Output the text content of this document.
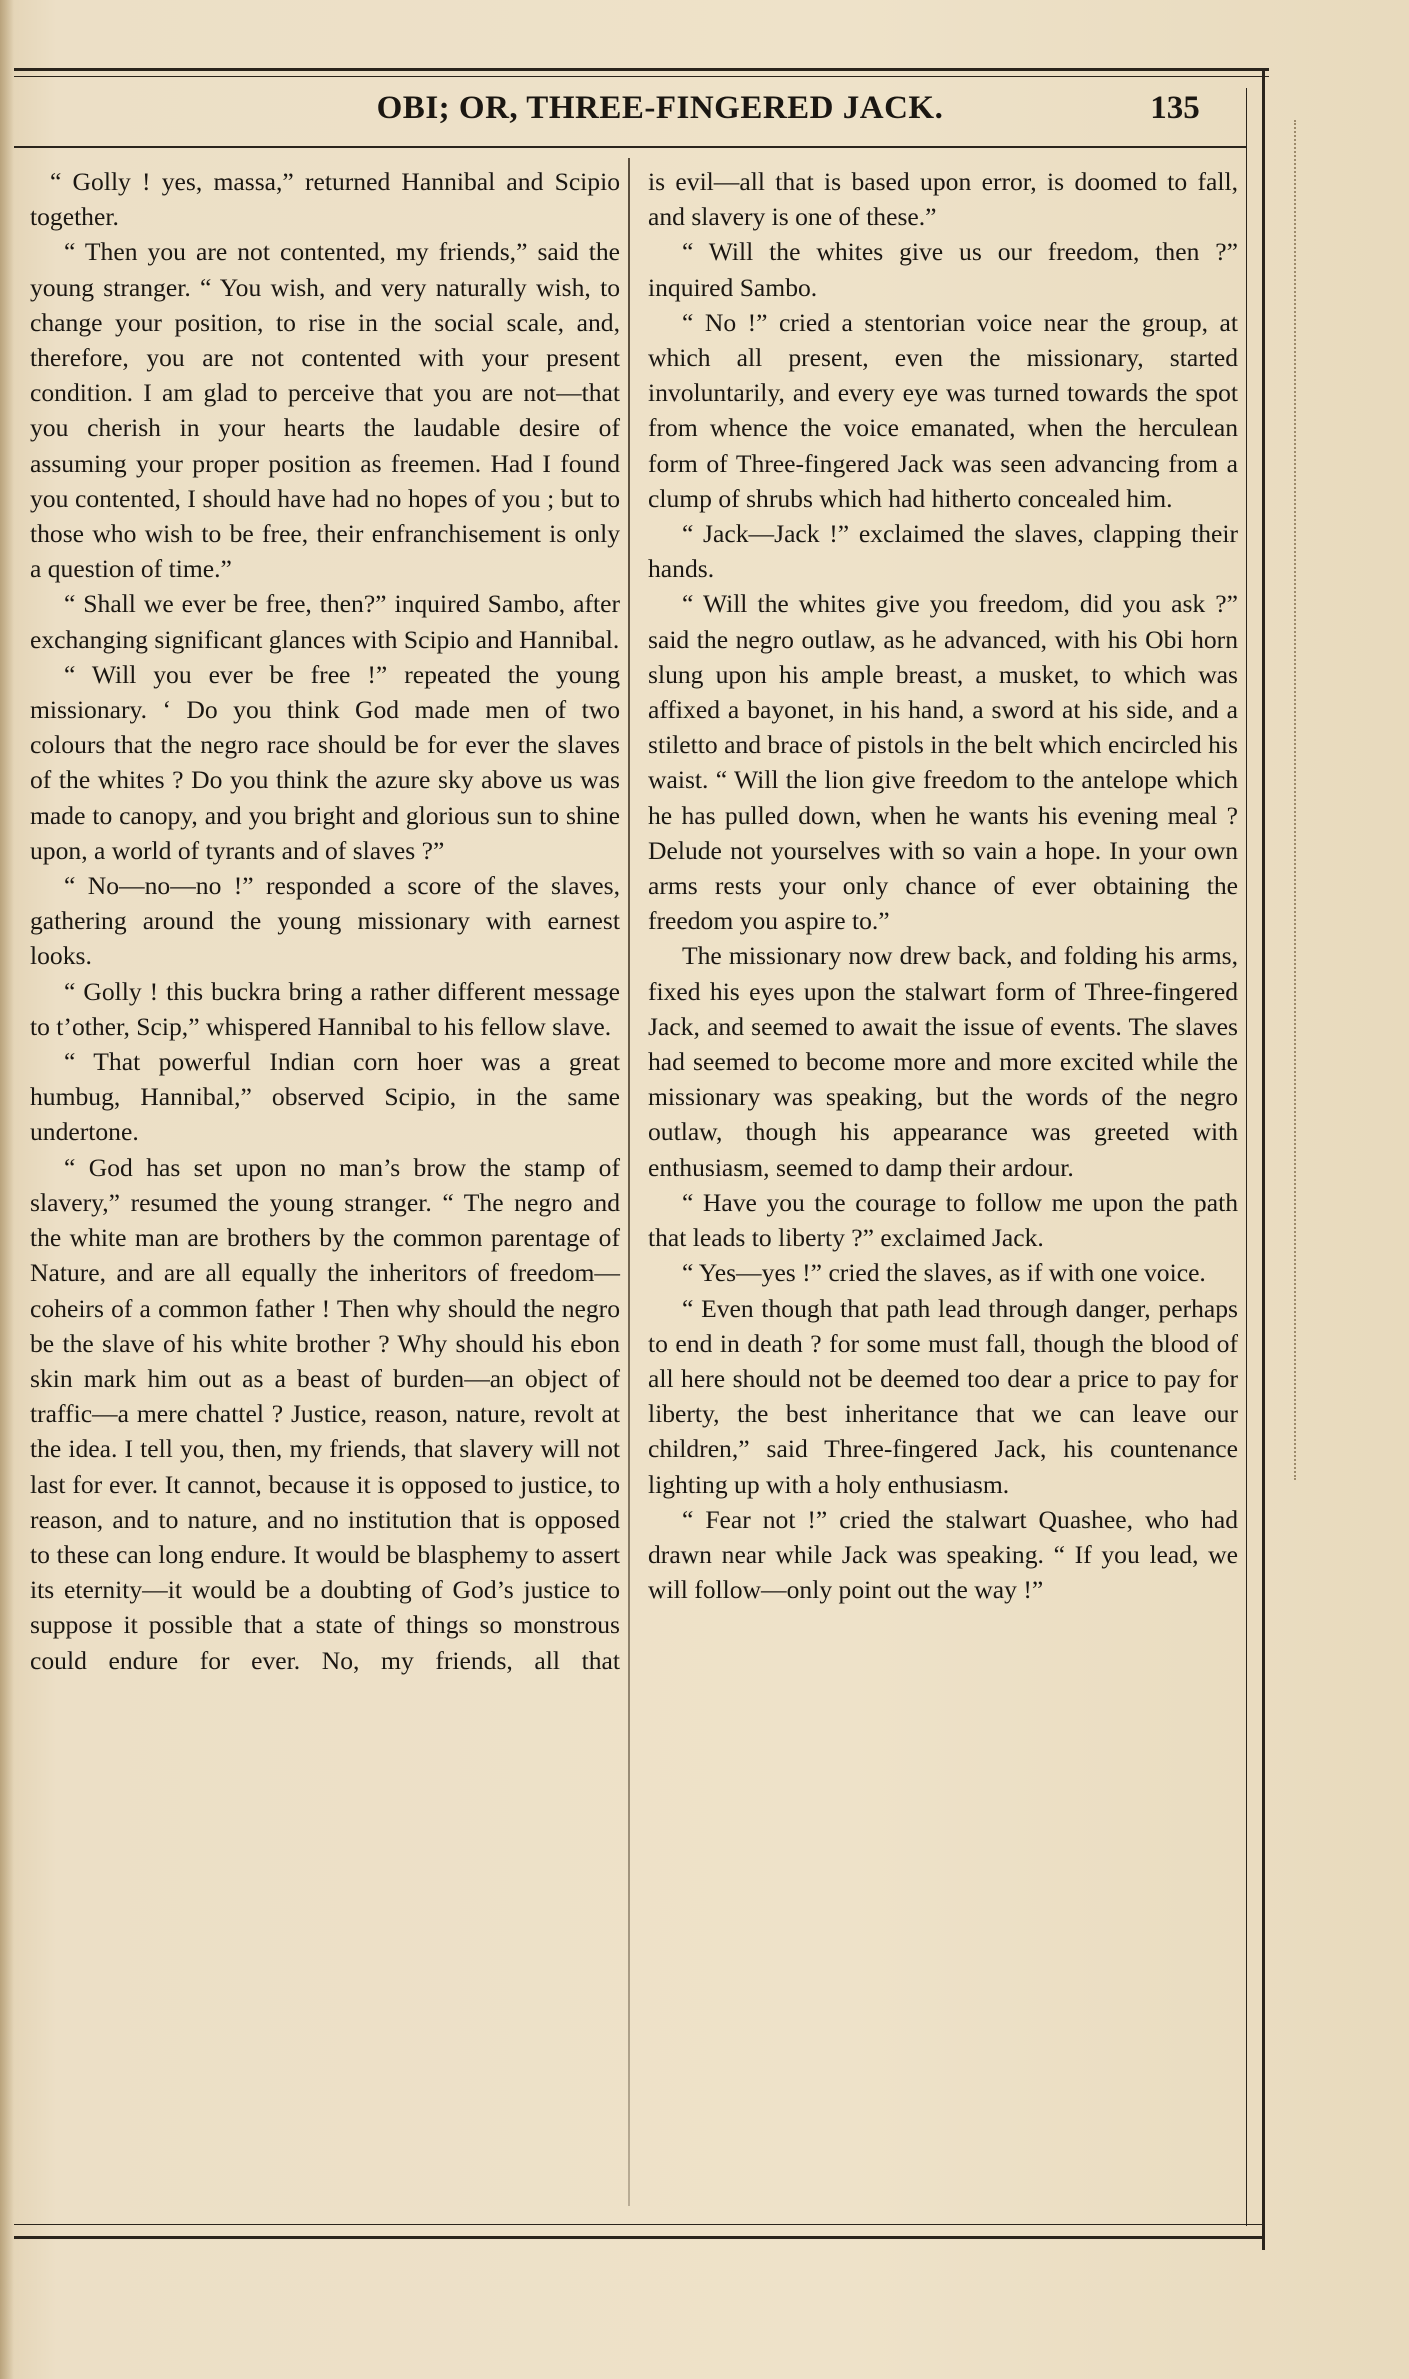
OBI; OR, THREE-FINGERED JACK.	135

“ Golly ! yes, massa,” returned Hannibal and Scipio together.

“ Then you are not contented, my friends,” said the young stranger. “ You wish, and very naturally wish, to change your position, to rise in the social scale, and, therefore, you are not contented with your present condition. I am glad to perceive that you are not—that you cherish in your hearts the laudable desire of assuming your proper position as freemen. Had I found you contented, I should have had no hopes of you ; but to those who wish to be free, their enfranchisement is only a question of time.”

“ Shall we ever be free, then?” inquired Sambo, after exchanging significant glances with Scipio and Hannibal.

“ Will you ever be free !” repeated the young missionary. ‘ Do you think God made men of two colours that the negro race should be for ever the slaves of the whites ? Do you think the azure sky above us was made to canopy, and you bright and glorious sun to shine upon, a world of tyrants and of slaves ?”

“ No—no—no !” responded a score of the slaves, gathering around the young missionary with earnest looks.

“ Golly ! this buckra bring a rather different message to t’other, Scip,” whispered Hannibal to his fellow slave.

“ That powerful Indian corn hoer was a great humbug, Hannibal,” observed Scipio, in the same undertone.

“ God has set upon no man’s brow the stamp of slavery,” resumed the young stranger. “ The negro and the white man are brothers by the common parentage of Nature, and are all equally the inheritors of freedom—coheirs of a common father ! Then why should the negro be the slave of his white brother ? Why should his ebon skin mark him out as a beast of burden—an object of traffic—a mere chattel ? Justice, reason, nature, revolt at the idea. I tell you, then, my friends, that slavery will not last for ever. It cannot, because it is opposed to justice, to reason, and to nature, and no institution that is opposed to these can long endure. It would be blasphemy to assert its eternity—it would be a doubting of God’s justice to suppose it possible that a state of things so monstrous could endure for ever. No, my friends, all that

is evil—all that is based upon error, is doomed to fall, and slavery is one of these.”

“ Will the whites give us our freedom, then ?” inquired Sambo.

“ No !” cried a stentorian voice near the group, at which all present, even the missionary, started involuntarily, and every eye was turned towards the spot from whence the voice emanated, when the herculean form of Three-fingered Jack was seen advancing from a clump of shrubs which had hitherto concealed him.

“ Jack—Jack !” exclaimed the slaves, clapping their hands.

“ Will the whites give you freedom, did you ask ?” said the negro outlaw, as he advanced, with his Obi horn slung upon his ample breast, a musket, to which was affixed a bayonet, in his hand, a sword at his side, and a stiletto and brace of pistols in the belt which encircled his waist. “ Will the lion give freedom to the antelope which he has pulled down, when he wants his evening meal ? Delude not yourselves with so vain a hope. In your own arms rests your only chance of ever obtaining the freedom you aspire to.”

The missionary now drew back, and folding his arms, fixed his eyes upon the stalwart form of Three-fingered Jack, and seemed to await the issue of events. The slaves had seemed to become more and more excited while the missionary was speaking, but the words of the negro outlaw, though his appearance was greeted with enthusiasm, seemed to damp their ardour.

“ Have you the courage to follow me upon the path that leads to liberty ?” exclaimed Jack.

“ Yes—yes !” cried the slaves, as if with one voice.

“ Even though that path lead through danger, perhaps to end in death ? for some must fall, though the blood of all here should not be deemed too dear a price to pay for liberty, the best inheritance that we can leave our children,” said Three-fingered Jack, his countenance lighting up with a holy enthusiasm.

“ Fear not !” cried the stalwart Quashee, who had drawn near while Jack was speaking. “ If you lead, we will follow—only point out the way !”
